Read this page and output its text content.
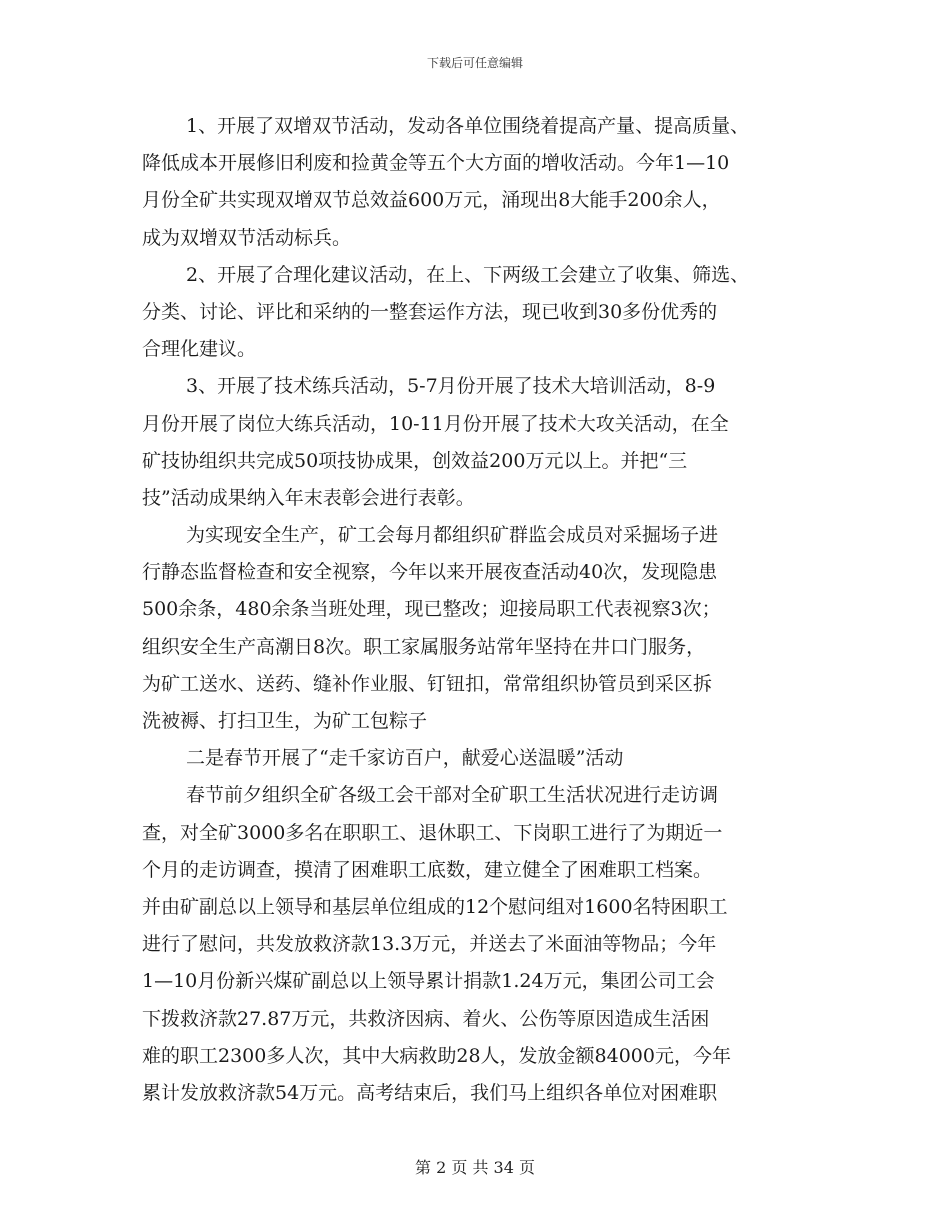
下载后可任意编辑
1、开展了双增双节活动，发动各单位围绕着提高产量、提高质量、
降低成本开展修旧利废和捡黄金等五个大方面的增收活动。今年1—10
月份全矿共实现双增双节总效益600万元，涌现出8大能手200余人，
成为双增双节活动标兵。
2、开展了合理化建议活动，在上、下两级工会建立了收集、筛选、
分类、讨论、评比和采纳的一整套运作方法，现已收到30多份优秀的
合理化建议。
3、开展了技术练兵活动，5-7月份开展了技术大培训活动，8-9
月份开展了岗位大练兵活动，10-11月份开展了技术大攻关活动，在全
矿技协组织共完成50项技协成果，创效益200万元以上。并把“三
技”活动成果纳入年末表彰会进行表彰。
为实现安全生产，矿工会每月都组织矿群监会成员对采掘场子进
行静态监督检查和安全视察，今年以来开展夜查活动40次，发现隐患
500余条，480余条当班处理，现已整改；迎接局职工代表视察3次；
组织安全生产高潮日8次。职工家属服务站常年坚持在井口门服务，
为矿工送水、送药、缝补作业服、钉钮扣，常常组织协管员到采区拆
洗被褥、打扫卫生，为矿工包粽子
二是春节开展了“走千家访百户，献爱心送温暖”活动
春节前夕组织全矿各级工会干部对全矿职工生活状况进行走访调
查，对全矿3000多名在职职工、退休职工、下岗职工进行了为期近一
个月的走访调查，摸清了困难职工底数，建立健全了困难职工档案。
并由矿副总以上领导和基层单位组成的12个慰问组对1600名特困职工
进行了慰问，共发放救济款13.3万元，并送去了米面油等物品；今年
1—10月份新兴煤矿副总以上领导累计捐款1.24万元，集团公司工会
下拨救济款27.87万元，共救济因病、着火、公伤等原因造成生活困
难的职工2300多人次，其中大病救助28人，发放金额84000元，今年
累计发放救济款54万元。高考结束后，我们马上组织各单位对困难职
第 2 页 共 34 页
